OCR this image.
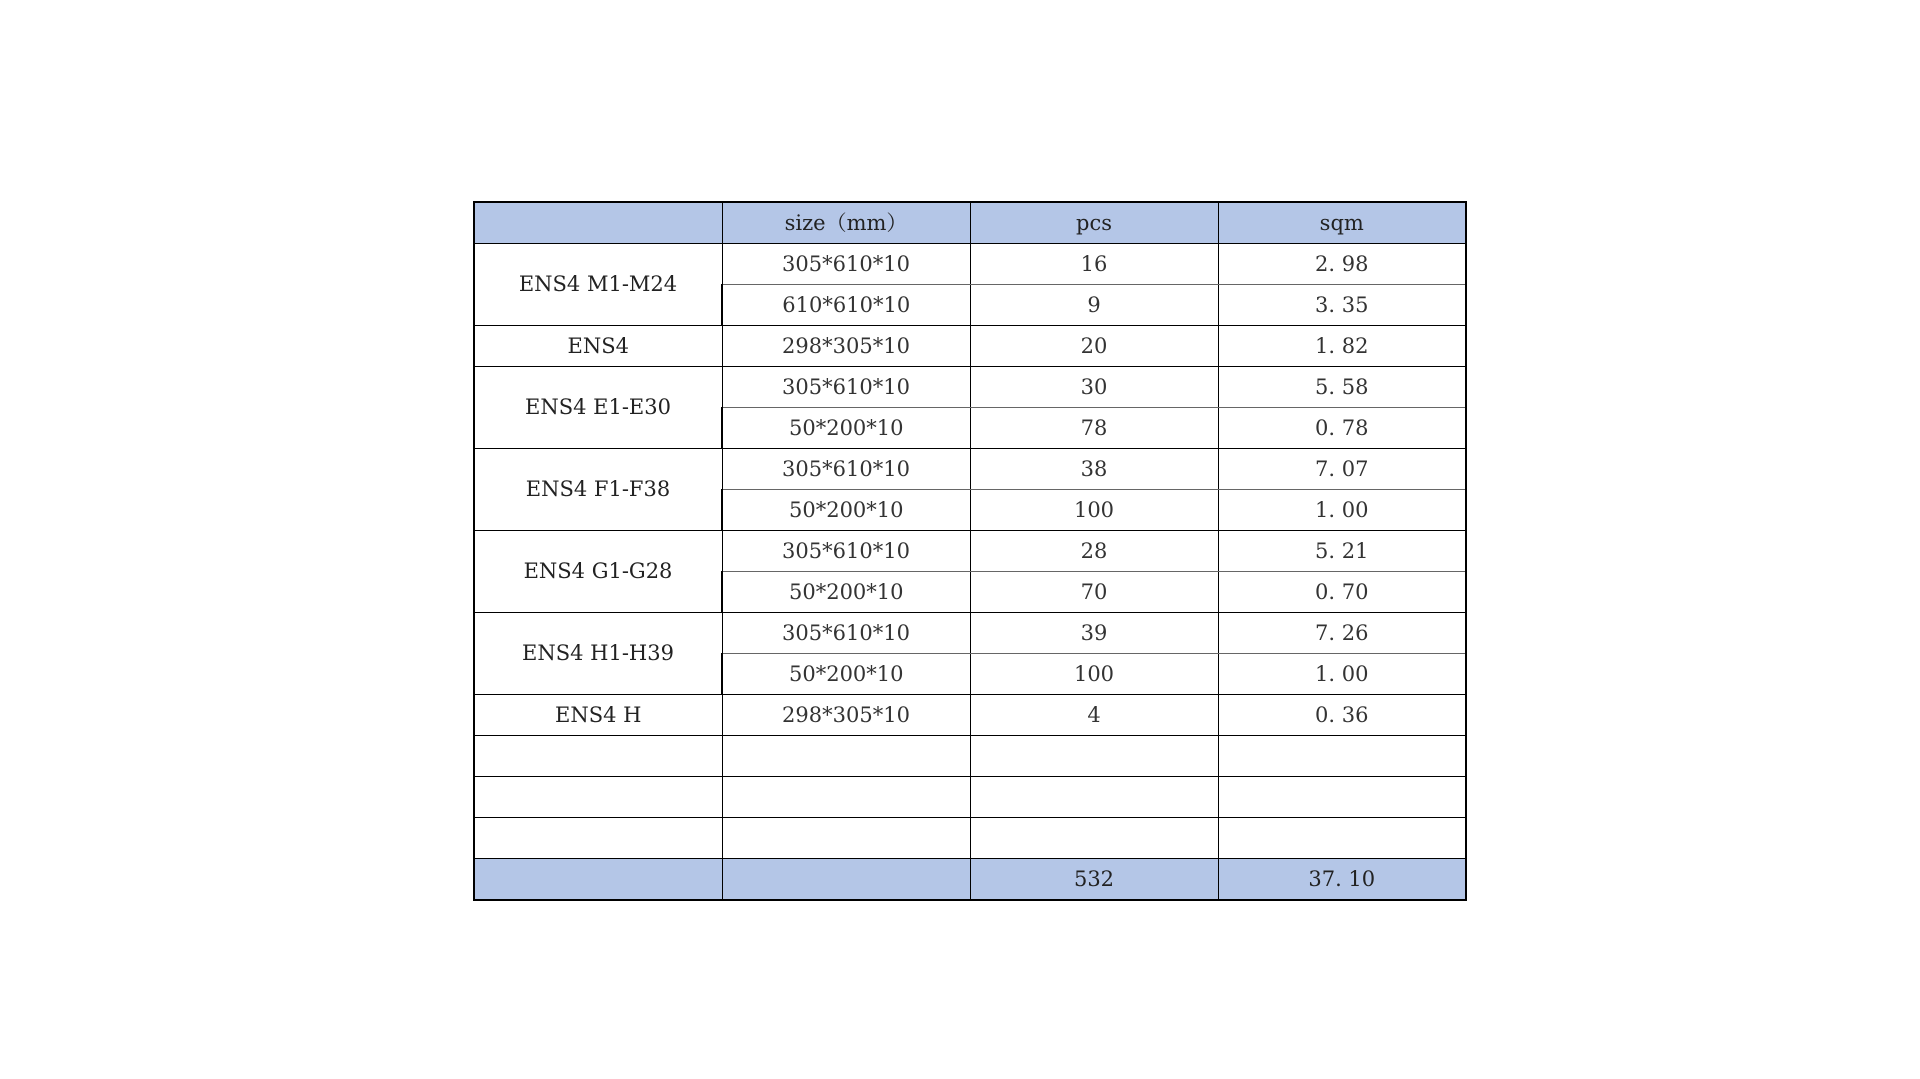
	size（mm）	pcs	sqm
ENS4 M1-M24	305*610*10	16	2. 98
	610*610*10	9	3. 35
ENS4	298*305*10	20	1. 82
ENS4 E1-E30	305*610*10	30	5. 58
	50*200*10	78	0. 78
ENS4 F1-F38	305*610*10	38	7. 07
	50*200*10	100	1. 00
ENS4 G1-G28	305*610*10	28	5. 21
	50*200*10	70	0. 70
ENS4 H1-H39	305*610*10	39	7. 26
	50*200*10	100	1. 00
ENS4 H	298*305*10	4	0. 36

		532	37. 10
